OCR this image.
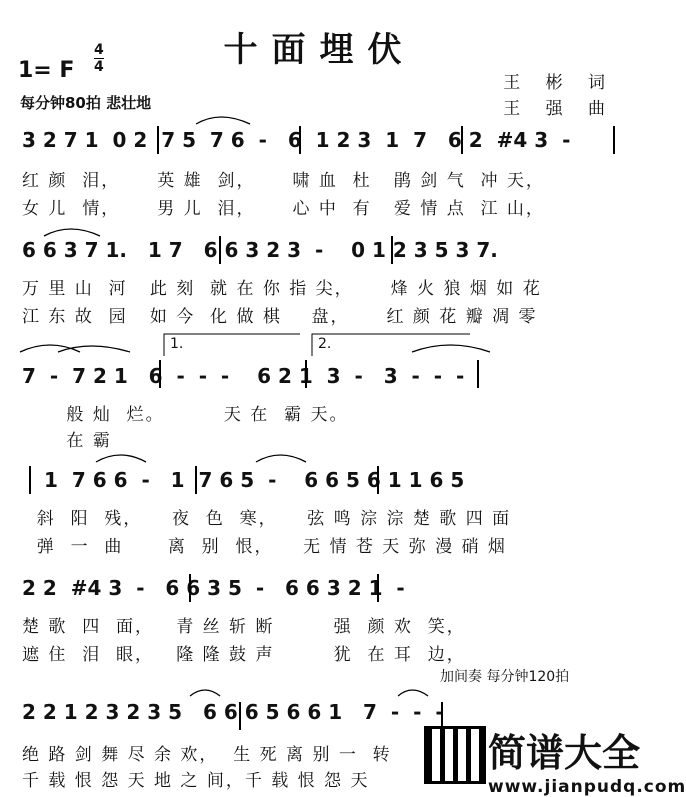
十面埋伏
1= F $\frac{4}{4}$
每分钟80拍 悲壮地
王 彬 词
王 强 曲
3 2 7 1  0 2  7 5  7 6  -   6  1 2 3  1  7   6 2  #4 3  -
红 颜  泪，     英 雄  剑，     啸 血  杜   鹃 剑 气  冲 天，
女 儿  情，     男 儿  泪，     心 中  有   爱 情 点  江 山，
6 6 3 7 1.   1 7   6 6 3 2 3  -    0 1 2 3 5 3 7.
万 里 山  河   此 刻  就 在 你 指 尖，     烽 火 狼 烟 如 花
江 东 故  园   如 今  化 做 棋    盘，     红 颜 花 瓣 凋 零
1.	2.
7  -  7 2 1   6  -  -  -    6 2 1  3  -   3  -  -  -
般 灿  烂。        天 在  霸 天。
在 霸
1  7 6 6  -   1  7 6 5  -    6 6 5 6 1 1 6 5
斜  阳  残，    夜  色  寒，    弦 鸣 淙 淙 楚 歌 四 面
弹  一  曲      离  别  恨，    无 情 苍 天 弥 漫 硝 烟
2 2  #4 3  -   6 6 3 5  -   6 6 3 2 1  -
楚 歌  四  面，   青 丝 斩 断        强  颜 欢  笑，
遮 住  泪  眼，   隆 隆 鼓 声        犹  在 耳  边，
加间奏 每分钟120拍
2 2 1 2 3 2 3 5   6 6 6 5 6 6 1   7  -  -  -
绝 路 剑 舞 尽 余 欢，  生 死 离 别 一  转
千 载 恨 怨 天 地 之 间，千 载 恨 怨 天
简谱大全
www.jianpudq.com
